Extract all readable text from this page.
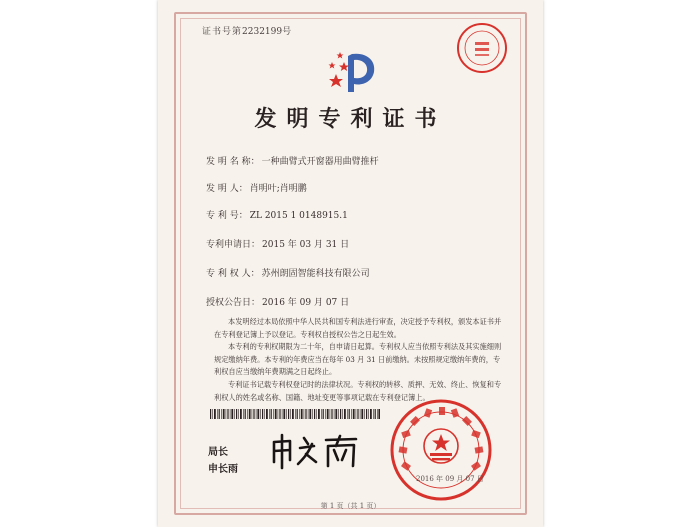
证书号第2232199号
发明专利证书
发 明 名 称： 一种曲臂式开窗器用曲臂推杆
发 明 人： 肖明叶;肖明鹏
专 利 号： ZL 2015 1 0148915.1
专利申请日： 2015 年 03 月 31 日
专 利 权 人： 苏州朗固智能科技有限公司
授权公告日： 2016 年 09 月 07 日

本发明经过本局依照中华人民共和国专利法进行审查，决定授予专利权，颁发本证书并在专利登记簿上予以登记。专利权自授权公告之日起生效。

本专利的专利权期限为二十年，自申请日起算。专利权人应当依照专利法及其实施细则规定缴纳年费。本专利的年费应当在每年 03 月 31 日前缴纳。未按照规定缴纳年费的，专利权自应当缴纳年费期满之日起终止。

专利证书记载专利权登记时的法律状况。专利权的转移、质押、无效、终止、恢复和专利权人的姓名或名称、国籍、地址变更等事项记载在专利登记簿上。

局长
申长雨
2016 年 09 月 07 日
第 1 页（共 1 页）
